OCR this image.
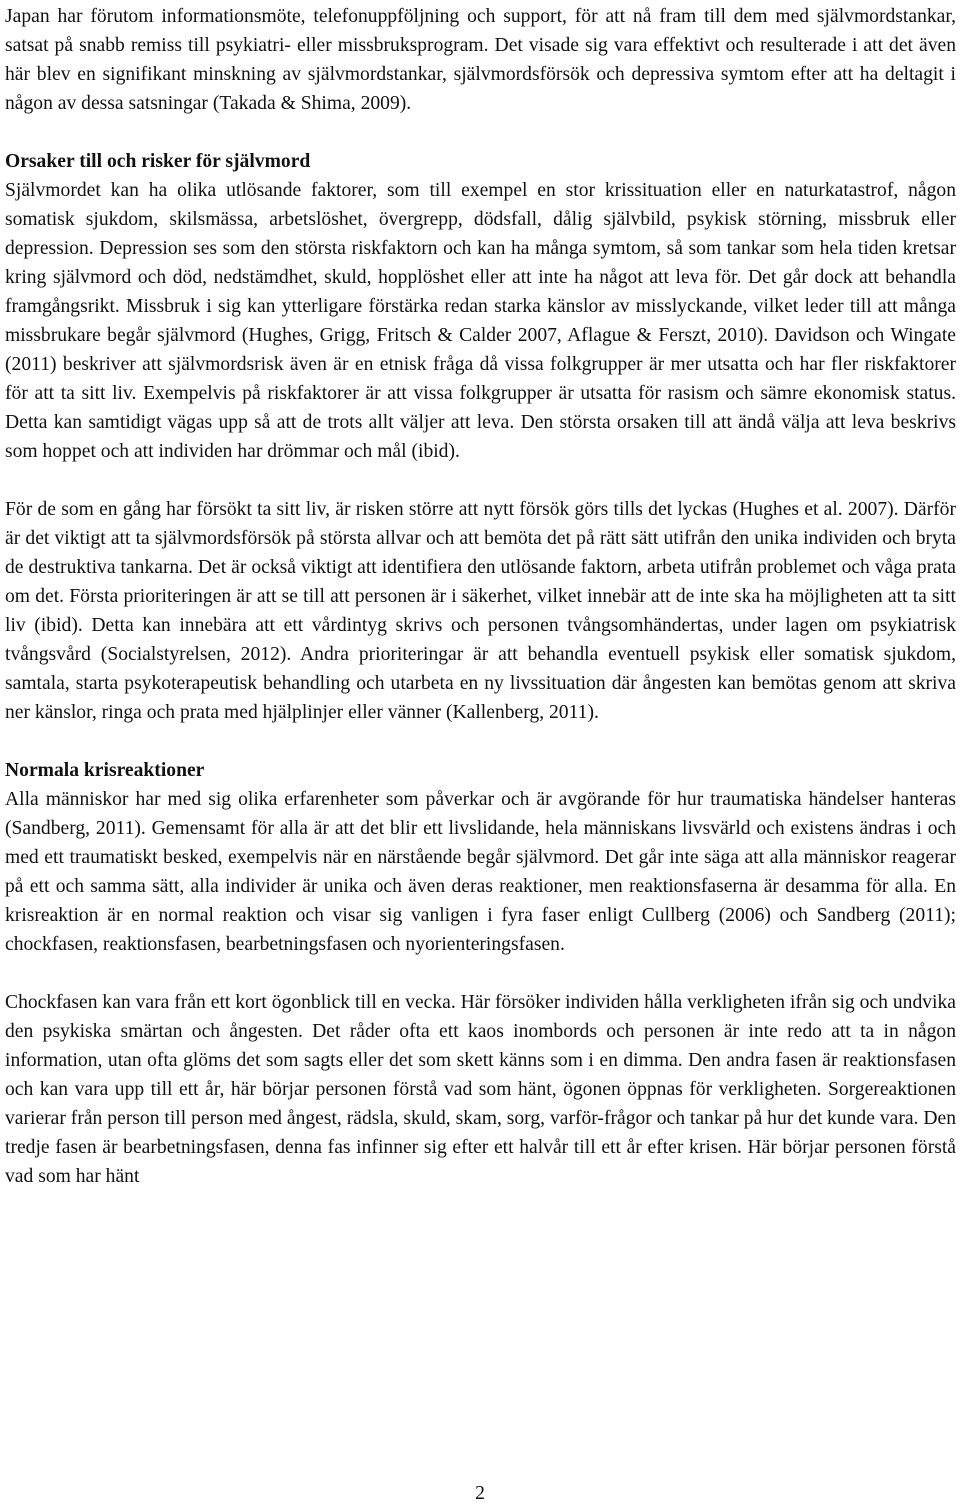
Japan har förutom informationsmöte, telefonuppföljning och support, för att nå fram till dem med självmordstankar, satsat på snabb remiss till psykiatri- eller missbruksprogram. Det visade sig vara effektivt och resulterade i att det även här blev en signifikant minskning av självmordstankar, självmordsförsök och depressiva symtom efter att ha deltagit i någon av dessa satsningar (Takada & Shima, 2009).

Orsaker till och risker för självmord

Självmordet kan ha olika utlösande faktorer, som till exempel en stor krissituation eller en naturkatastrof, någon somatisk sjukdom, skilsmässa, arbetslöshet, övergrepp, dödsfall, dålig självbild, psykisk störning, missbruk eller depression. Depression ses som den största riskfaktorn och kan ha många symtom, så som tankar som hela tiden kretsar kring självmord och död, nedstämdhet, skuld, hopplöshet eller att inte ha något att leva för. Det går dock att behandla framgångsrikt. Missbruk i sig kan ytterligare förstärka redan starka känslor av misslyckande, vilket leder till att många missbrukare begår självmord (Hughes, Grigg, Fritsch & Calder 2007, Aflague & Ferszt, 2010). Davidson och Wingate (2011) beskriver att självmordsrisk även är en etnisk fråga då vissa folkgrupper är mer utsatta och har fler riskfaktorer för att ta sitt liv. Exempelvis på riskfaktorer är att vissa folkgrupper är utsatta för rasism och sämre ekonomisk status. Detta kan samtidigt vägas upp så att de trots allt väljer att leva. Den största orsaken till att ändå välja att leva beskrivs som hoppet och att individen har drömmar och mål (ibid).

För de som en gång har försökt ta sitt liv, är risken större att nytt försök görs tills det lyckas (Hughes et al. 2007). Därför är det viktigt att ta självmordsförsök på största allvar och att bemöta det på rätt sätt utifrån den unika individen och bryta de destruktiva tankarna. Det är också viktigt att identifiera den utlösande faktorn, arbeta utifrån problemet och våga prata om det. Första prioriteringen är att se till att personen är i säkerhet, vilket innebär att de inte ska ha möjligheten att ta sitt liv (ibid). Detta kan innebära att ett vårdintyg skrivs och personen tvångsomhändertas, under lagen om psykiatrisk tvångsvård (Socialstyrelsen, 2012). Andra prioriteringar är att behandla eventuell psykisk eller somatisk sjukdom, samtala, starta psykoterapeutisk behandling och utarbeta en ny livssituation där ångesten kan bemötas genom att skriva ner känslor, ringa och prata med hjälplinjer eller vänner (Kallenberg, 2011).

Normala krisreaktioner

Alla människor har med sig olika erfarenheter som påverkar och är avgörande för hur traumatiska händelser hanteras (Sandberg, 2011). Gemensamt för alla är att det blir ett livslidande, hela människans livsvärld och existens ändras i och med ett traumatiskt besked, exempelvis när en närstående begår självmord. Det går inte säga att alla människor reagerar på ett och samma sätt, alla individer är unika och även deras reaktioner, men reaktionsfaserna är desamma för alla. En krisreaktion är en normal reaktion och visar sig vanligen i fyra faser enligt Cullberg (2006) och Sandberg (2011); chockfasen, reaktionsfasen, bearbetningsfasen och nyorienteringsfasen.

Chockfasen kan vara från ett kort ögonblick till en vecka. Här försöker individen hålla verkligheten ifrån sig och undvika den psykiska smärtan och ångesten. Det råder ofta ett kaos inombords och personen är inte redo att ta in någon information, utan ofta glöms det som sagts eller det som skett känns som i en dimma. Den andra fasen är reaktionsfasen och kan vara upp till ett år, här börjar personen förstå vad som hänt, ögonen öppnas för verkligheten. Sorgereaktionen varierar från person till person med ångest, rädsla, skuld, skam, sorg, varför-frågor och tankar på hur det kunde vara. Den tredje fasen är bearbetningsfasen, denna fas infinner sig efter ett halvår till ett år efter krisen. Här börjar personen förstå vad som har hänt

2
